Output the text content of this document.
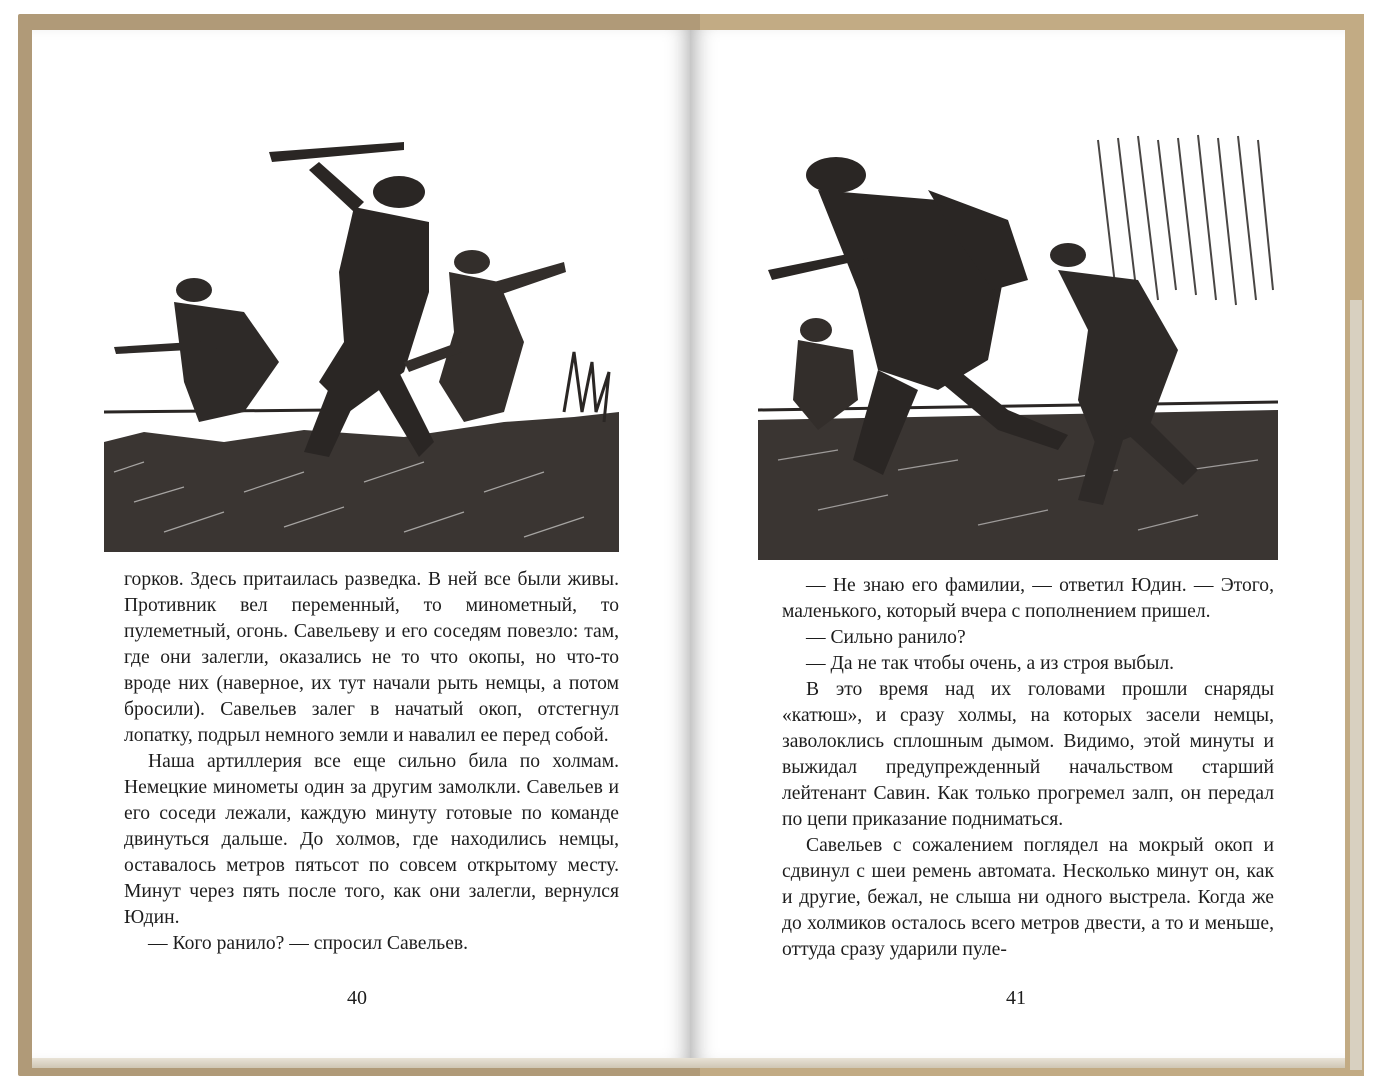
горков. Здесь притаилась разведка. В ней все были живы. Противник вел переменный, то минометный, то пулеметный, огонь. Савельеву и его соседям повезло: там, где они залегли, оказались не то что окопы, но что-то вроде них (наверное, их тут начали рыть немцы, а потом бросили). Савельев залег в начатый окоп, отстегнул лопатку, подрыл немного земли и навалил ее перед собой.

Наша артиллерия все еще сильно била по холмам. Немецкие минометы один за другим замолкли. Савельев и его соседи лежали, каждую минуту готовые по команде двинуться дальше. До холмов, где находились немцы, оставалось метров пятьсот по совсем открытому месту. Минут через пять после того, как они залегли, вернулся Юдин.

— Кого ранило? — спросил Савельев.

40

— Не знаю его фамилии, — ответил Юдин. — Этого, маленького, который вчера с пополнением пришел.

— Сильно ранило?

— Да не так чтобы очень, а из строя выбыл.

В это время над их головами прошли снаряды «катюш», и сразу холмы, на которых засели немцы, заволоклись сплошным дымом. Видимо, этой минуты и выжидал предупрежденный начальством старший лейтенант Савин. Как только прогремел залп, он передал по цепи приказание подниматься.

Савельев с сожалением поглядел на мокрый окоп и сдвинул с шеи ремень автомата. Несколько минут он, как и другие, бежал, не слыша ни одного выстрела. Когда же до холмиков осталось всего метров двести, а то и меньше, оттуда сразу ударили пуле-

41
